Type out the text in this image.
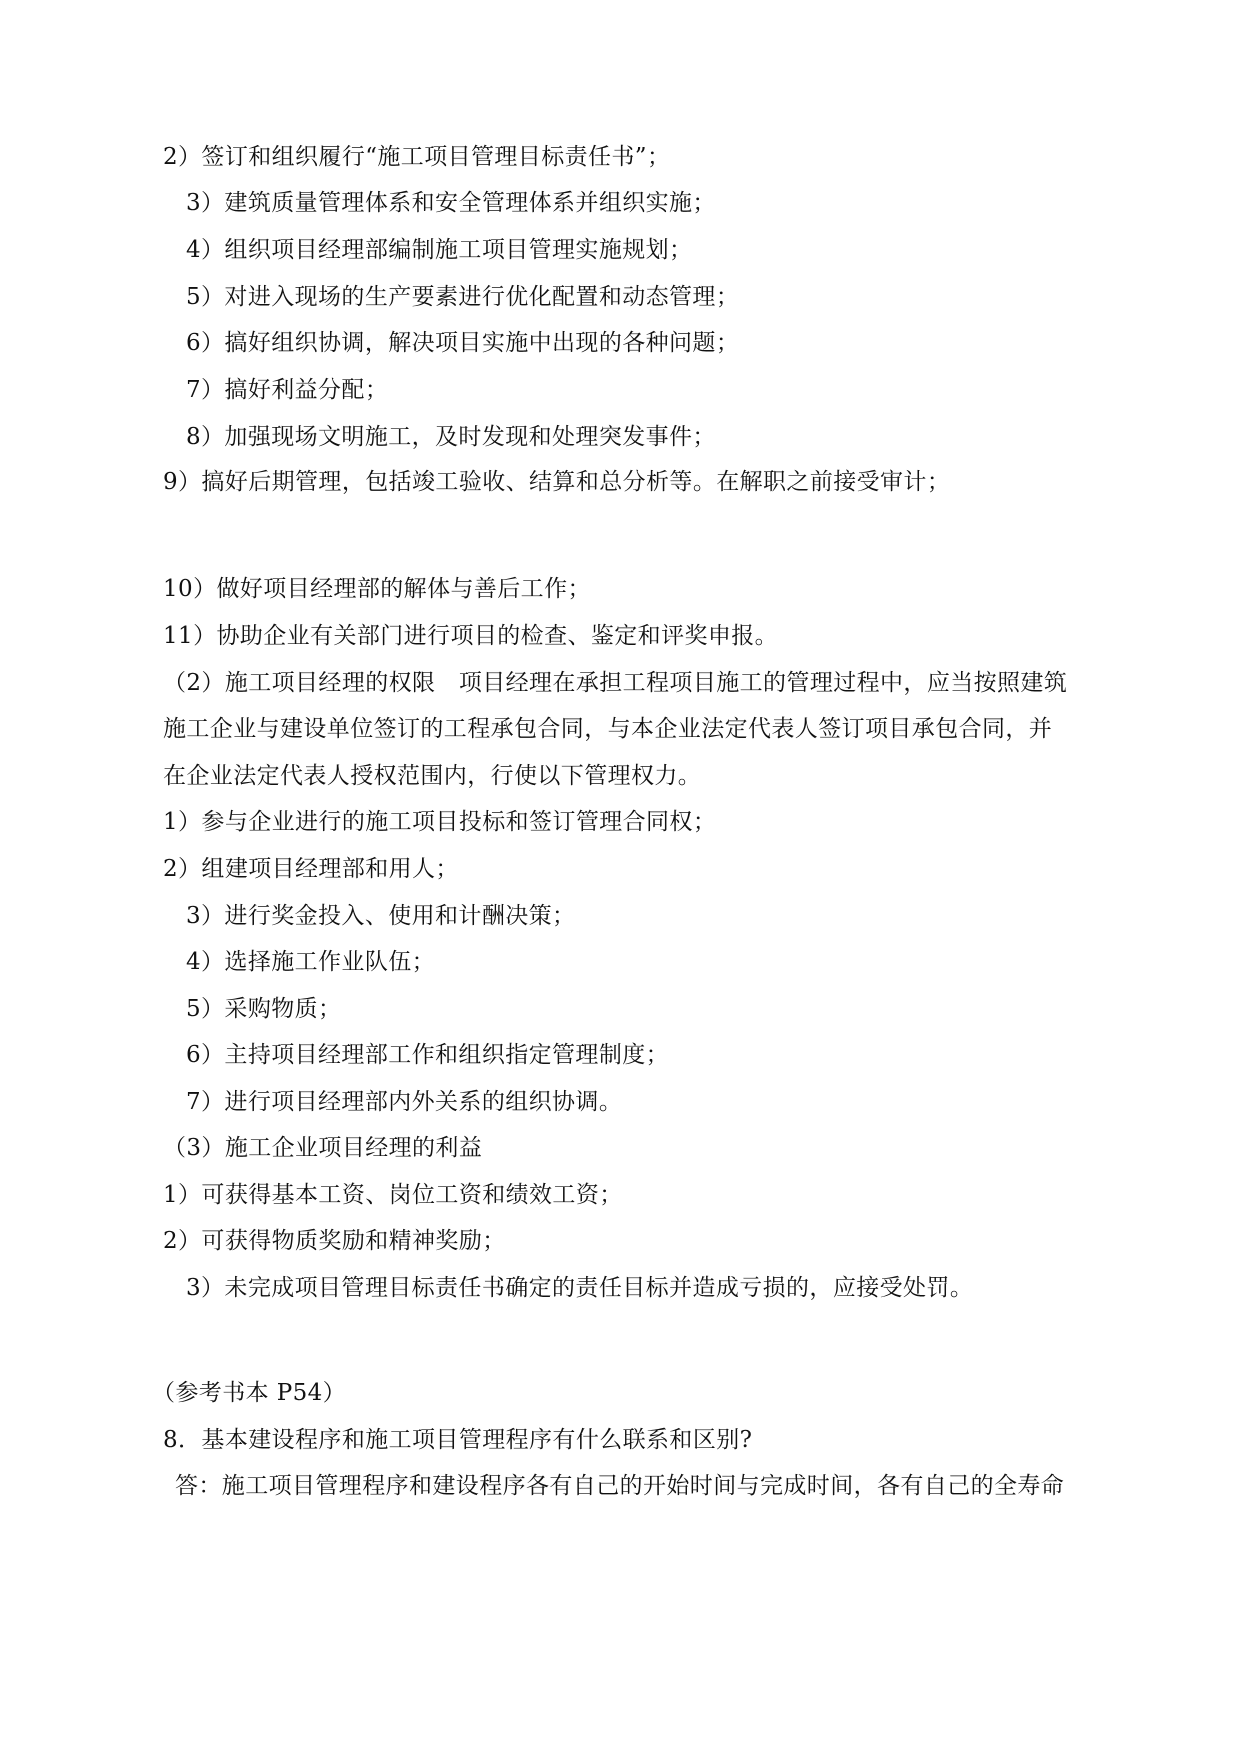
2）签订和组织履行“施工项目管理目标责任书”；
3）建筑质量管理体系和安全管理体系并组织实施；
4）组织项目经理部编制施工项目管理实施规划；
5）对进入现场的生产要素进行优化配置和动态管理；
6）搞好组织协调，解决项目实施中出现的各种问题；
7）搞好利益分配；
8）加强现场文明施工，及时发现和处理突发事件；
9）搞好后期管理，包括竣工验收、结算和总分析等。在解职之前接受审计；
10）做好项目经理部的解体与善后工作；
11）协助企业有关部门进行项目的检查、鉴定和评奖申报。
（2）施工项目经理的权限　项目经理在承担工程项目施工的管理过程中，应当按照建筑
施工企业与建设单位签订的工程承包合同，与本企业法定代表人签订项目承包合同，并
在企业法定代表人授权范围内，行使以下管理权力。
1）参与企业进行的施工项目投标和签订管理合同权；
2）组建项目经理部和用人；
3）进行奖金投入、使用和计酬决策；
4）选择施工作业队伍；
5）采购物质；
6）主持项目经理部工作和组织指定管理制度；
7）进行项目经理部内外关系的组织协调。
（3）施工企业项目经理的利益
1）可获得基本工资、岗位工资和绩效工资；
2）可获得物质奖励和精神奖励；
3）未完成项目管理目标责任书确定的责任目标并造成亏损的，应接受处罚。
（参考书本 P54）
8．基本建设程序和施工项目管理程序有什么联系和区别?
答：施工项目管理程序和建设程序各有自己的开始时间与完成时间，各有自己的全寿命
